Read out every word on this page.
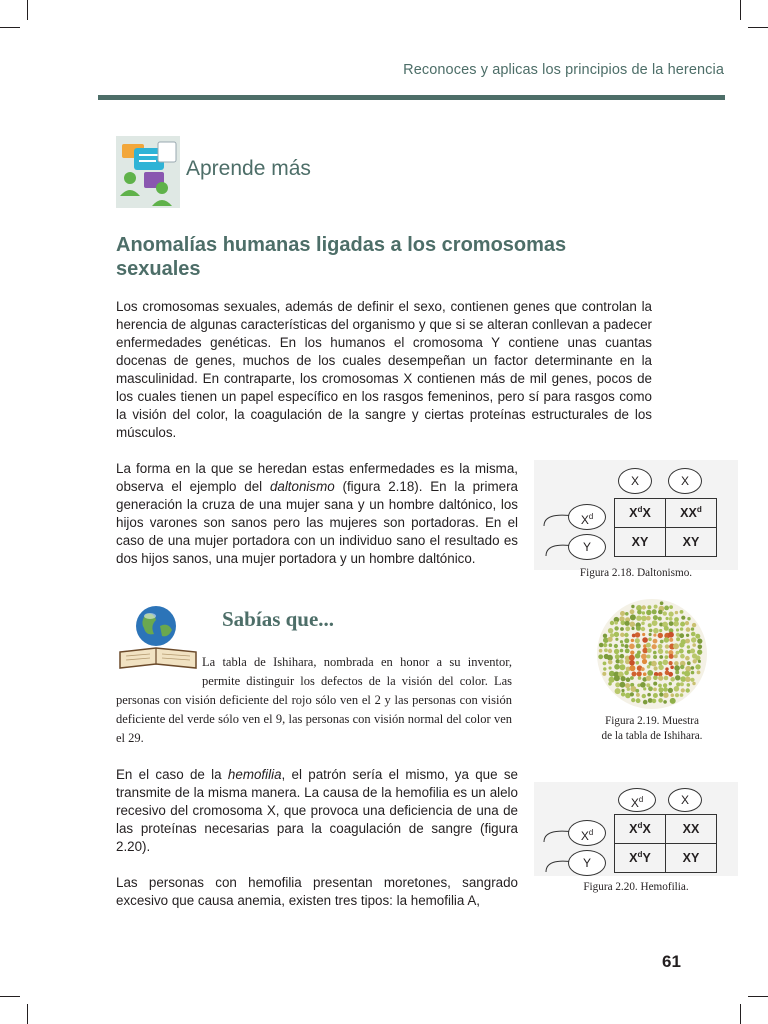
Reconoces y aplicas los principios de la herencia
Aprende más
Anomalías humanas ligadas a los cromosomas sexuales
Los cromosomas sexuales, además de definir el sexo, contienen genes que controlan la herencia de algunas características del organismo y que si se alteran conllevan a padecer enfermedades genéticas. En los humanos el cromosoma Y contiene unas cuantas docenas de genes, muchos de los cuales desempeñan un factor determinante en la masculinidad. En contraparte, los cromosomas X contienen más de mil genes, pocos de los cuales tienen un papel específico en los rasgos femeninos, pero sí para rasgos como la visión del color, la coagulación de la sangre y ciertas proteínas estructurales de los músculos.
La forma en la que se heredan estas enfermedades es la misma, observa el ejemplo del daltonismo (figura 2.18). En la primera generación la cruza de una mujer sana y un hombre daltónico, los hijos varones son sanos pero las mujeres son portadoras. En el caso de una mujer portadora con un individuo sano el resultado es dos hijos sanos, una mujer portadora y un hombre daltónico.
X	X
$X^d$
Y
$X^dX$	$XX^d$
XY	XY
Figura 2.18. Daltonismo.
Sabías que...
La tabla de Ishihara, nombrada en honor a su inventor, permite distinguir los defectos de la visión del color. Las personas con visión deficiente del rojo sólo ven el 2 y las personas con visión deficiente del verde sólo ven el 9, las personas con visión normal del color ven el 29.
Figura 2.19. Muestra
de la tabla de Ishihara.
En el caso de la hemofilia, el patrón sería el mismo, ya que se transmite de la misma manera. La causa de la hemofilia es un alelo recesivo del cromosoma X, que provoca una deficiencia de una de las proteínas necesarias para la coagulación de sangre (figura 2.20).
$X^d$	X
$X^d$
Y
$X^dX$	XX
$X^dY$	XY
Figura 2.20. Hemofilia.
Las personas con hemofilia presentan moretones, sangrado excesivo que causa anemia, existen tres tipos: la hemofilia A,
61
